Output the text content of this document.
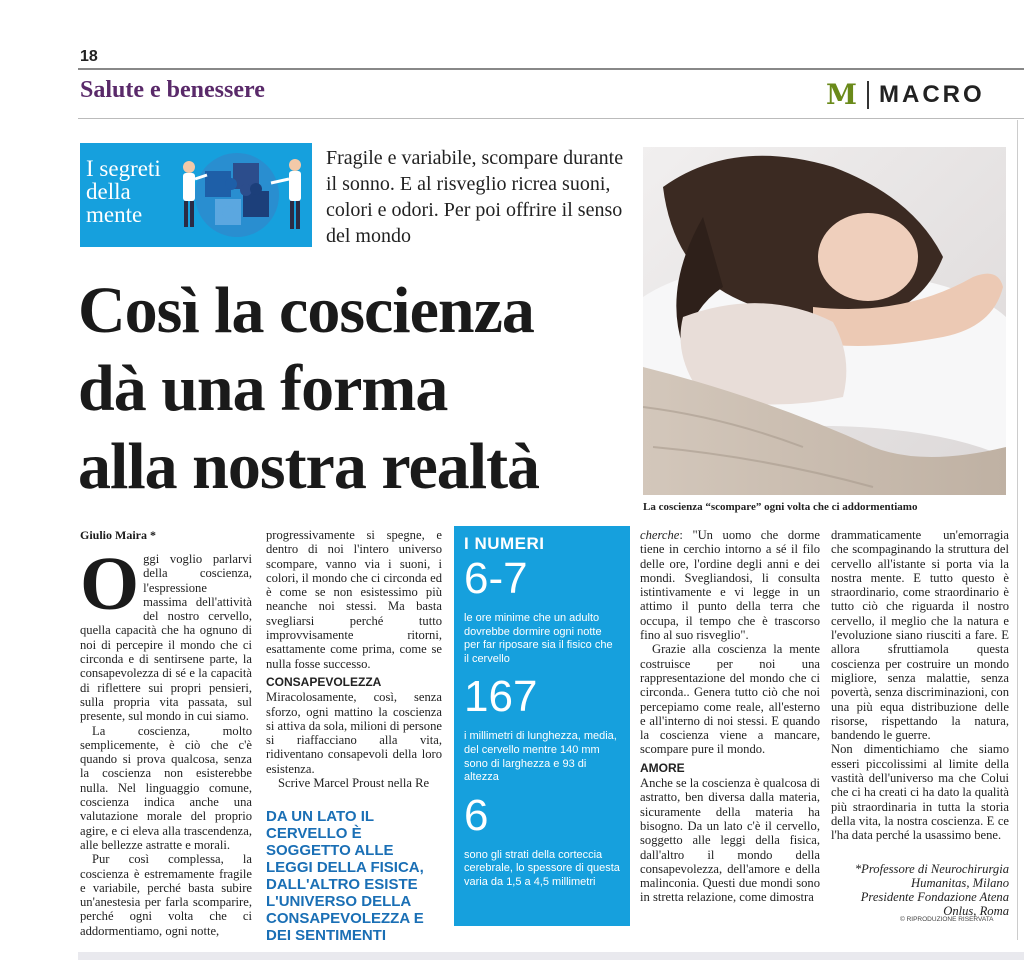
18
Salute e benessere	M MACRO
I segreti
della
mente
Fragile e variabile, scompare durante il sonno. E al risveglio ricrea suoni, colori e odori. Per poi offrire il senso del mondo
Così la coscienza
dà una forma
alla nostra realtà
La coscienza “scompare” ogni volta che ci addormentiamo
Giulio Maira *
O ggi voglio parlarvi della coscienza, l'espressione massima dell'attività del nostro cervello, quella capacità che ha ognuno di noi di percepire il mondo che ci circonda e di sentirsene parte, la consapevolezza di sé e la capacità di riflettere sui propri pensieri, sulla propria vita passata, sul presente, sul mondo in cui siamo.

La coscienza, molto semplicemente, è ciò che c'è quando si prova qualcosa, senza la coscienza non esisterebbe nulla. Nel linguaggio comune, coscienza indica anche una valutazione morale del proprio agire, e ci eleva alla trascendenza, alle bellezze astratte e morali.

Pur così complessa, la coscienza è estremamente fragile e variabile, perché basta subire un'anestesia per farla scomparire, perché ogni volta che ci addormentiamo, ogni notte,

progressivamente si spegne, e dentro di noi l'intero universo scompare, vanno via i suoni, i colori, il mondo che ci circonda ed è come se non esistessimo più neanche noi stessi. Ma basta svegliarsi perché tutto improvvisamente ritorni, esattamente come prima, come se nulla fosse successo.

CONSAPEVOLEZZA

Miracolosamente, così, senza sforzo, ogni mattino la coscienza si attiva da sola, milioni di persone si riaffacciano alla vita, ridiventano consapevoli della loro esistenza.

Scrive Marcel Proust nella Re

DA UN LATO IL CERVELLO È SOGGETTO ALLE LEGGI DELLA FISICA, DALL'ALTRO ESISTE L'UNIVERSO DELLA CONSAPEVOLEZZA E DEI SENTIMENTI
I NUMERI
6-7
le ore minime che un adulto dovrebbe dormire ogni notte per far riposare sia il fisico che il cervello
167
i millimetri di lunghezza, media, del cervello mentre 140 mm sono di larghezza e 93 di altezza
6
sono gli strati della corteccia cerebrale, lo spessore di questa varia da 1,5 a 4,5 millimetri

cherche: "Un uomo che dorme tiene in cerchio intorno a sé il filo delle ore, l'ordine degli anni e dei mondi. Svegliandosi, li consulta istintivamente e vi legge in un attimo il punto della terra che occupa, il tempo che è trascorso fino al suo risveglio".

Grazie alla coscienza la mente costruisce per noi una rappresentazione del mondo che ci circonda.. Genera tutto ciò che noi percepiamo come reale, all'esterno e all'interno di noi stessi. E quando la coscienza viene a mancare, scompare pure il mondo.

AMORE

Anche se la coscienza è qualcosa di astratto, ben diversa dalla materia, sicuramente della materia ha bisogno. Da un lato c'è il cervello, soggetto alle leggi della fisica, dall'altro il mondo della consapevolezza, dell'amore e della malinconia. Questi due mondi sono in stretta relazione, come dimostra

drammaticamente un'emorragia che scompaginando la struttura del cervello all'istante si porta via la nostra mente. E tutto questo è straordinario, come straordinario è tutto ciò che riguarda il nostro cervello, il meglio che la natura e l'evoluzione siano riusciti a fare. E allora sfruttiamola questa coscienza per costruire un mondo migliore, senza malattie, senza povertà, senza discriminazioni, con una più equa distribuzione delle risorse, rispettando la natura, bandendo le guerre.

Non dimentichiamo che siamo esseri piccolissimi al limite della vastità dell'universo ma che Colui che ci ha creati ci ha dato la qualità più straordinaria in tutta la storia della vita, la nostra coscienza. E ce l'ha data perché la usassimo bene.

*Professore di Neurochirurgia Humanitas, Milano
Presidente Fondazione Atena Onlus, Roma
© RIPRODUZIONE RISERVATA
